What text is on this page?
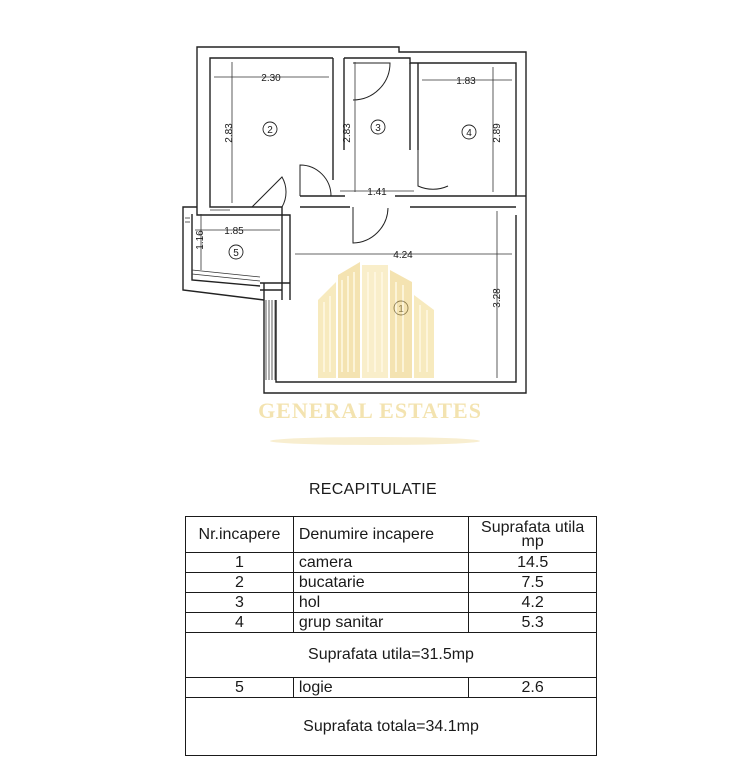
2.30
2.83	2.83
1.41
1.83
2.89
1.85
1.16
4.24
3.28
2	3	4
5
GENERAL ESTATES
RECAPITULATIE
Nr.incapere	Denumire incapere	Suprafata utila
mp
1	camera	14.5
2	bucatarie	7.5
3	hol	4.2
4	grup sanitar	5.3
Suprafata utila=31.5mp		
5	logie	2.6
Suprafata totala=34.1mp		
